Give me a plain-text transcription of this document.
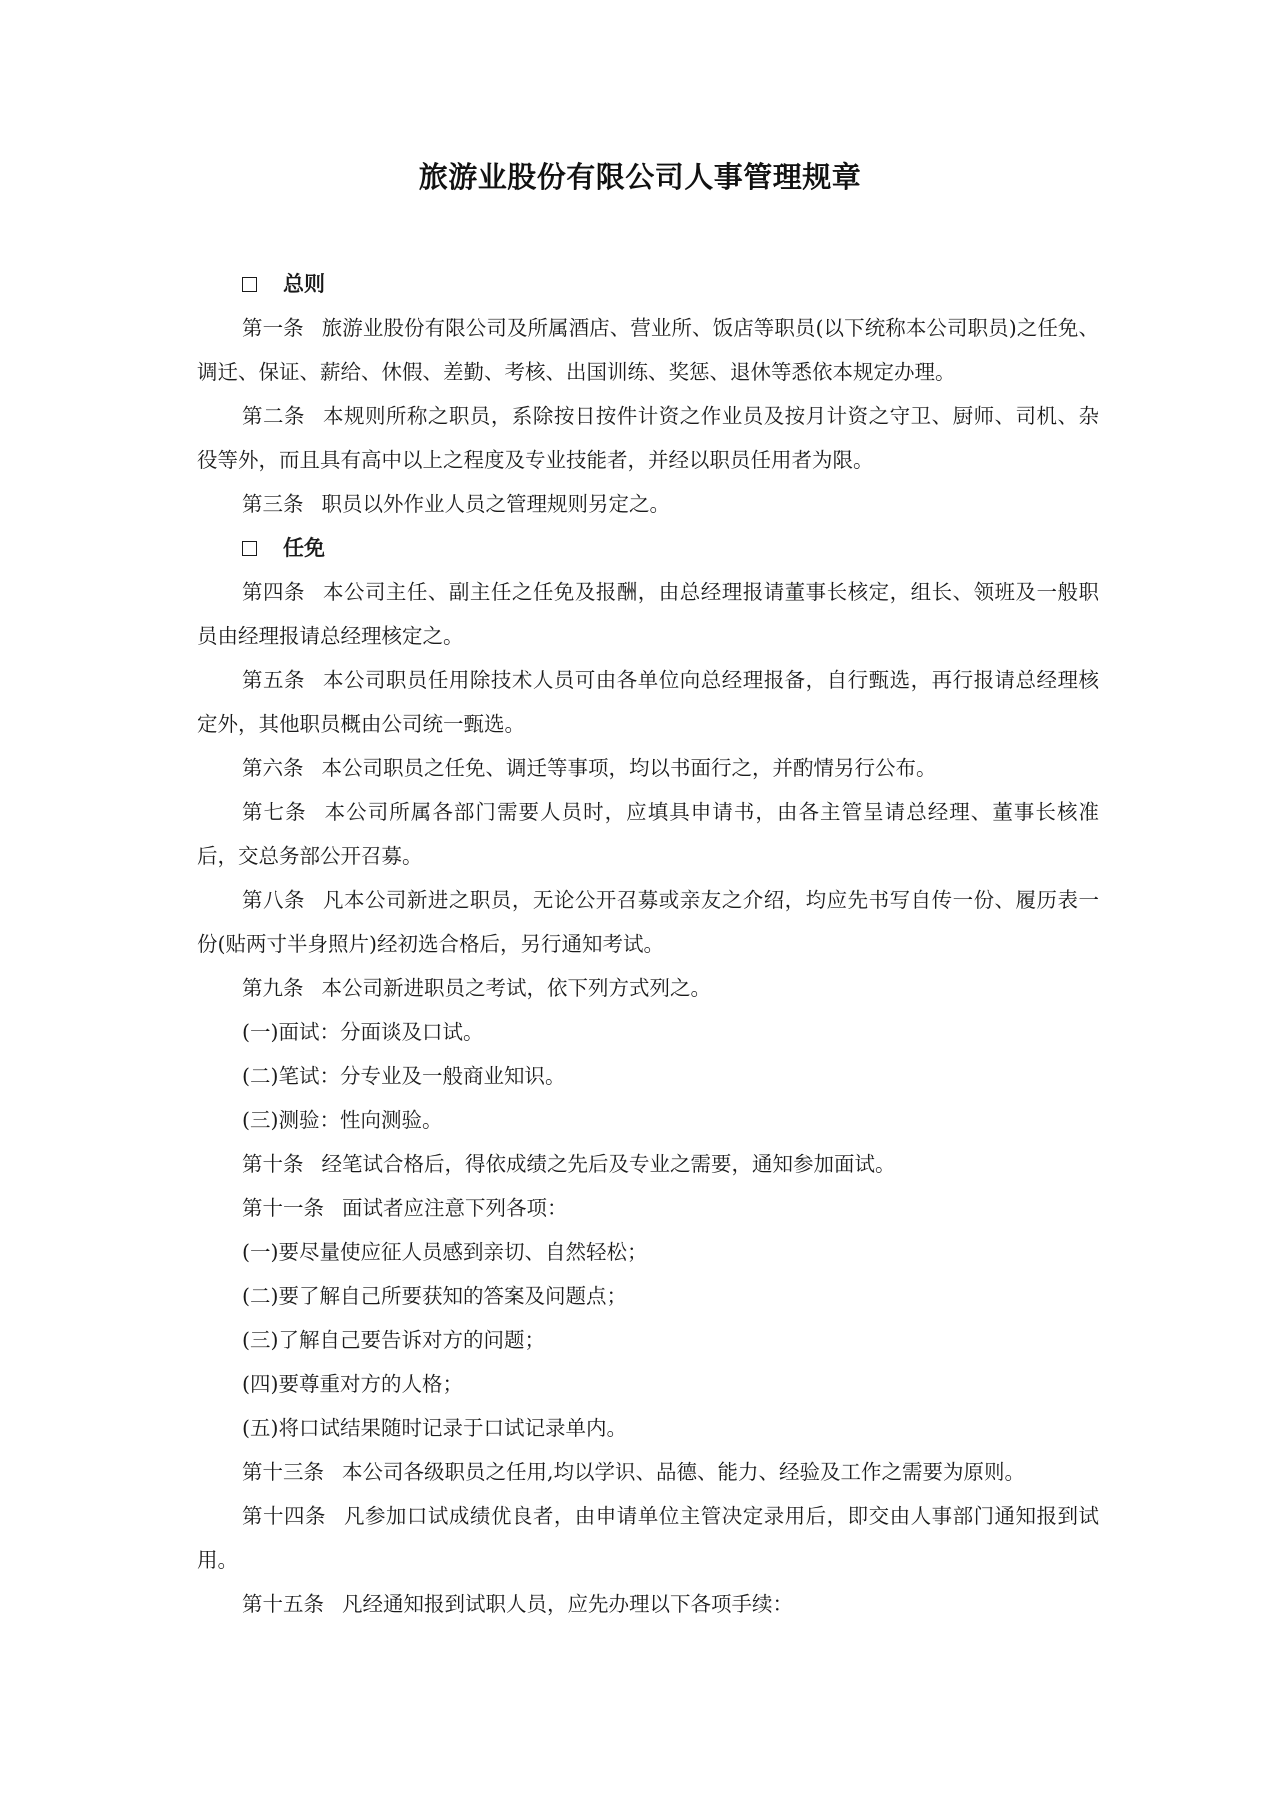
旅游业股份有限公司人事管理规章
总则

第一条 旅游业股份有限公司及所属酒店、营业所、饭店等职员(以下统称本公司职员)之任免、调迁、保证、薪给、休假、差勤、考核、出国训练、奖惩、退休等悉依本规定办理。

第二条 本规则所称之职员，系除按日按件计资之作业员及按月计资之守卫、厨师、司机、杂役等外，而且具有高中以上之程度及专业技能者，并经以职员任用者为限。

第三条 职员以外作业人员之管理规则另定之。

任免

第四条 本公司主任、副主任之任免及报酬，由总经理报请董事长核定，组长、领班及一般职员由经理报请总经理核定之。

第五条 本公司职员任用除技术人员可由各单位向总经理报备，自行甄选，再行报请总经理核定外，其他职员概由公司统一甄选。

第六条 本公司职员之任免、调迁等事项，均以书面行之，并酌情另行公布。

第七条 本公司所属各部门需要人员时，应填具申请书，由各主管呈请总经理、董事长核准后，交总务部公开召募。

第八条 凡本公司新进之职员，无论公开召募或亲友之介绍，均应先书写自传一份、履历表一份(贴两寸半身照片)经初选合格后，另行通知考试。

第九条 本公司新进职员之考试，依下列方式列之。

(一)面试：分面谈及口试。

(二)笔试：分专业及一般商业知识。

(三)测验：性向测验。

第十条 经笔试合格后，得依成绩之先后及专业之需要，通知参加面试。

第十一条 面试者应注意下列各项：

(一)要尽量使应征人员感到亲切、自然轻松；

(二)要了解自己所要获知的答案及问题点；

(三)了解自己要告诉对方的问题；

(四)要尊重对方的人格；

(五)将口试结果随时记录于口试记录单内。

第十三条 本公司各级职员之任用,均以学识、品德、能力、经验及工作之需要为原则。

第十四条 凡参加口试成绩优良者，由申请单位主管决定录用后，即交由人事部门通知报到试用。

第十五条 凡经通知报到试职人员，应先办理以下各项手续：
